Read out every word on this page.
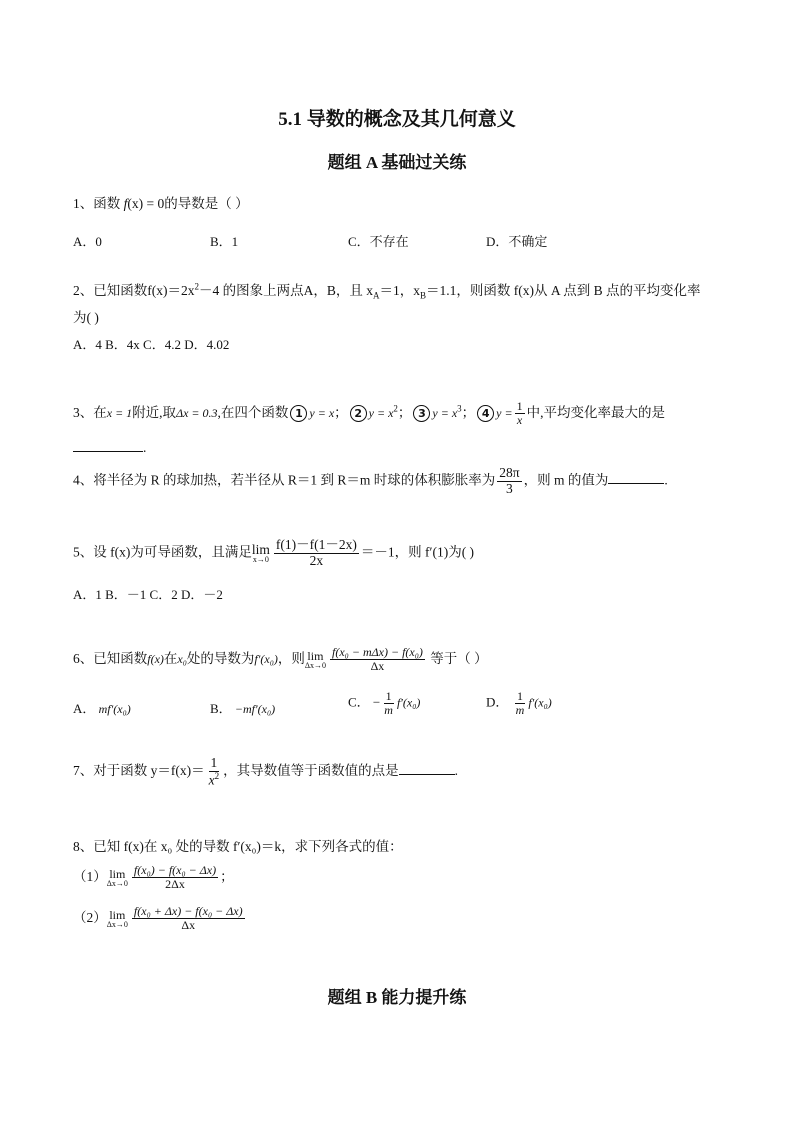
5.1 导数的概念及其几何意义
题组 A 基础过关练
1、函数 f(x) = 0的导数是（ ）
A．0	B．1	C．不存在	D．不确定
2、已知函数$f(x)=2x^2-4$ 的图象上两点A，B，且 $x_A=1$，$x_B=1.1$，则函数 f(x)从 A 点到 B 点的平均变化率
为( )
A．4 B．4x C．4.2 D．4.02
3、在x = 1附近,取Δx = 0.3,在四个函数 1 y = x； 2 $y = x^2$； 3 $y = x^3$； 4 $y = \frac{1}{x}$ 中,平均变化率最大的是
.
4、将半径为 R 的球加热，若半径从 R＝1 到 R＝m 时球的体积膨胀率为 $\frac{28\pi}{3}$ ，则 m 的值为	.
5、设 f(x)为可导函数，且满足 lim
$x\to 0 \frac{f(1)-f(1-2x)}{2x} =-1$，则 f′(1)为( )
A．1 B．－1 C．2 D．－2
6、已知函数f(x)在x₀处的导数为f′(x₀)，则 lim
$\Delta x\to 0 \frac{\text{f(x₀ − mΔx) − f(x₀)}}{\Delta x}$ 等于（ ）
A． mf′(x₀)	B． −mf′(x₀)	C． − $\frac{1}{m} f'(x_0)$	D． $\frac{1}{m} f'(x_0)$
7、对于函数 $y=f(x)= \frac{1}{x^2}$ ，其导数值等于函数值的点是	.
8、已知 f(x)在 x₀ 处的导数 f′(x₀)＝k，求下列各式的值：
（1） lim
$\Delta x\to 0 \frac{\text{f(x₀) − f(x₀ − Δx)}}{2\Delta x}$ ；
（2） lim
$\Delta x\to 0 \frac{\text{f(x₀ + Δx) − f(x₀ − Δx)}}{\Delta x}$
题组 B 能力提升练
